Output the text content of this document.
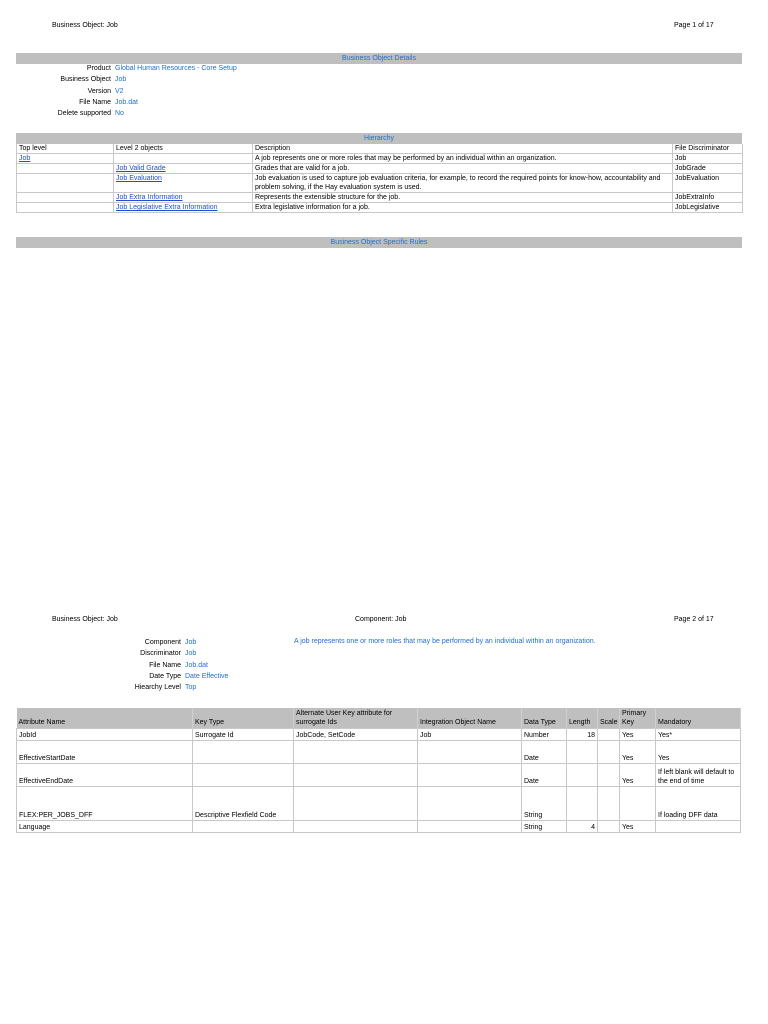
Business Object: Job	Page 1 of 17
Business Object Details
Product Global Human Resources - Core Setup
Business Object Job
Version V2
File Name Job.dat
Delete supported No
Hierarchy
Top level	Level 2 objects	Description	File Discriminator
Job		A job represents one or more roles that may be performed by an individual within an organization.	Job
	Job Valid Grade	Grades that are valid for a job.	JobGrade
	Job Evaluation	Job evaluation is used to capture job evaluation criteria, for example, to record the required points for know-how, accountability and problem solving, if the Hay evaluation system is used.	JobEvaluation
	Job Extra Information	Represents the extensible structure for the job.	JobExtraInfo
	Job Legislative Extra Information	Extra legislative information for a job.	JobLegislative
Business Object Specific Rules
Business Object: Job	Component: Job	Page 2 of 17
Component Job
Discriminator Job
File Name Job.dat
Date Type Date Effective
Hiearchy Level Top
A job represents one or more roles that may be performed by an individual within an organization.
Attribute Name	Key Type	Alternate User Key attribute for surrogate Ids	Integration Object Name	Data Type	Length	Scale	Primary Key	Mandatory
JobId	Surrogate Id	JobCode, SetCode	Job	Number	18		Yes	Yes*
EffectiveStartDate				Date			Yes	Yes
EffectiveEndDate				Date			Yes	If left blank will default to the end of time
FLEX:PER_JOBS_DFF	Descriptive Flexfield Code			String				If loading DFF data
Language				String	4		Yes	
